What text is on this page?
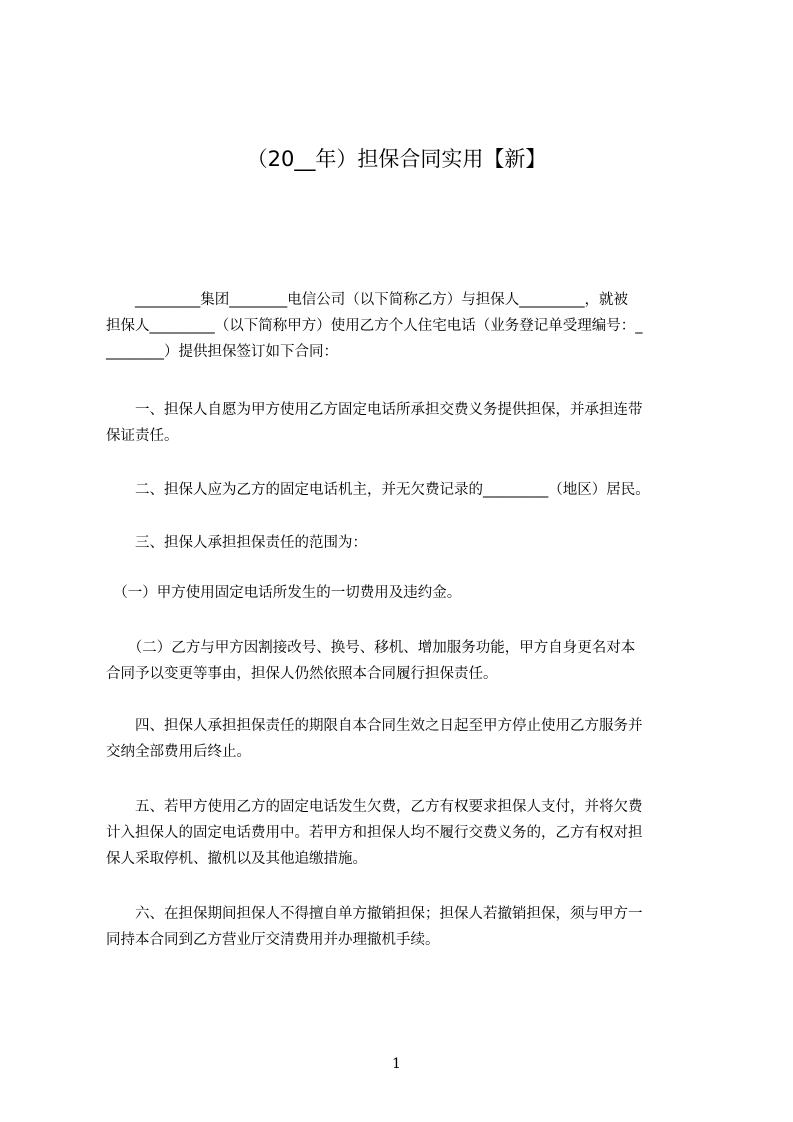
（20__年）担保合同实用【新】
　　_________集团________电信公司（以下简称乙方）与担保人_________，就被
担保人_________（以下简称甲方）使用乙方个人住宅电话（业务登记单受理编号：_
________）提供担保签订如下合同：
　　一、担保人自愿为甲方使用乙方固定电话所承担交费义务提供担保，并承担连带
保证责任。
　　二、担保人应为乙方的固定电话机主，并无欠费记录的_________（地区）居民。
　　三、担保人承担担保责任的范围为：
　（一）甲方使用固定电话所发生的一切费用及违约金。
　　（二）乙方与甲方因割接改号、换号、移机、增加服务功能，甲方自身更名对本
合同予以变更等事由，担保人仍然依照本合同履行担保责任。
　　四、担保人承担担保责任的期限自本合同生效之日起至甲方停止使用乙方服务并
交纳全部费用后终止。
　　五、若甲方使用乙方的固定电话发生欠费，乙方有权要求担保人支付，并将欠费
计入担保人的固定电话费用中。若甲方和担保人均不履行交费义务的，乙方有权对担
保人采取停机、撤机以及其他追缴措施。
　　六、在担保期间担保人不得擅自单方撤销担保；担保人若撤销担保，须与甲方一
同持本合同到乙方营业厅交清费用并办理撤机手续。
1
